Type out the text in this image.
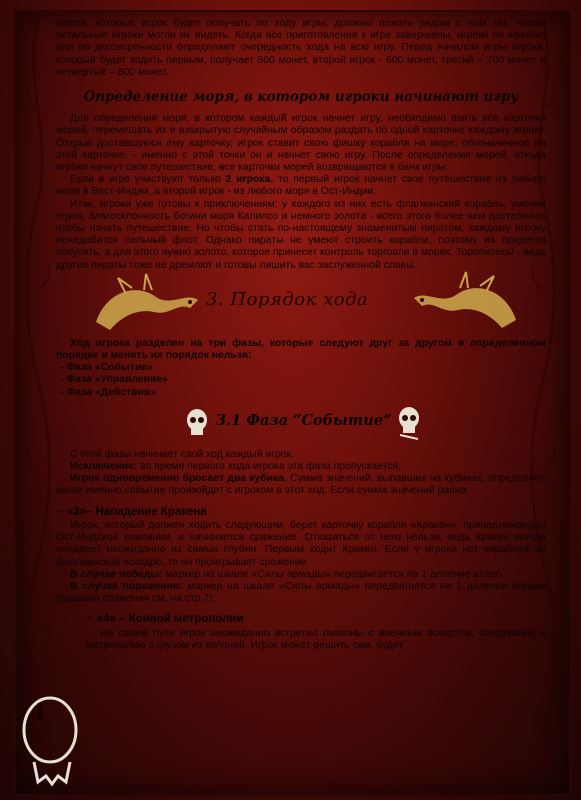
морей, которые игрок будет получать по ходу игры, должны лежать рядом с ним так, чтобы остальные игроки могли их видеть. Когда все приготовления к игре завершены, игроки по жребию или по договоренности определяют очередность хода на всю игру. Перед началом игры игроки, который будет ходить первым, получает 500 монет, второй игрок - 600 монет, третий – 700 монет и четвертый – 800 монет.

Определение моря, в котором игроки начинают игру

Для определения моря, в котором каждый игрок начнет игру, необходимо взять все карточки морей, перемешать их и взакрытую случайным образом раздать по одной карточке каждому игроку. Открыв доставшуюся ему карточку, игрок ставит свою фишку корабля на море, обозначенное на этой карточке, - именно с этой точки он и начнет свою игру. После определения морей, откуда игроки начнут свое путешествие, все карточки морей возвращаются в банк игры.

Если в игре участвуют только 2 игрока, то первый игрок начнет свое путешествие из любого моря в Вест-Индии, а второй игрок - из любого моря в Ост-Индии.

Итак, игроки уже готовы к приключениям: у каждого из них есть флагманский корабль, умения героя, благосклонность богини моря Калипсо и немного золота - всего этого более чем достаточно, чтобы начать путешествие. Но чтобы стать по-настоящему знаменитым пиратом, каждому игроку понадобится сильный флот. Однако пираты не умеют строить корабли, поэтому их придется покупать, а для этого нужно золото, которое принесет контроль торговли в морях. Торопитесь! - ведь другие пираты тоже не дремлют и готовы лишить вас заслуженной славы.

3. Порядок хода

Ход игрока разделен на три фазы, которые следуют друг за другом в определенном порядке и менять их порядок нельзя:

- Фаза «Событие»
- Фаза «Управление»
- Фаза «Действия»
3.1 Фаза “Событие”

С этой фазы начинает свой ход каждый игрок.

Исключение: во время первого хода игрока эта фаза пропускается.

Игрок одновременно бросает два кубика. Сумма значений, выпавших на кубиках, определяет, какое именно событие произойдет с игроком в этот ход. Если сумма значений равна:

~ «3»– Нападение Кракена

Игрок, который должен ходить следующим, берет карточку корабля «Кракен», принадлежащего Ост-Индской компании, и начинается сражение. Отказаться от него нельзя, ведь Кракен всегда нападает неожиданно из самых глубин. Первым ходит Кракен. Если у игрока нет кораблей во флагманской эскадре, то он проигрывает сражение.

В случае победы: маркер на шкале «Силы армады» передвигается на 1 деление влево.

В случае поражения: маркер на шкале «Силы армады» передвигается на 1 деление вправо (правила сражения см. на стр.7).

~ «4» – Конвой метрополии

На своем пути игрок неожиданно встретил галеоны с военным эскортом, следующие в метрополию с грузом из колоний. Игрок может решить сам, будет

4
